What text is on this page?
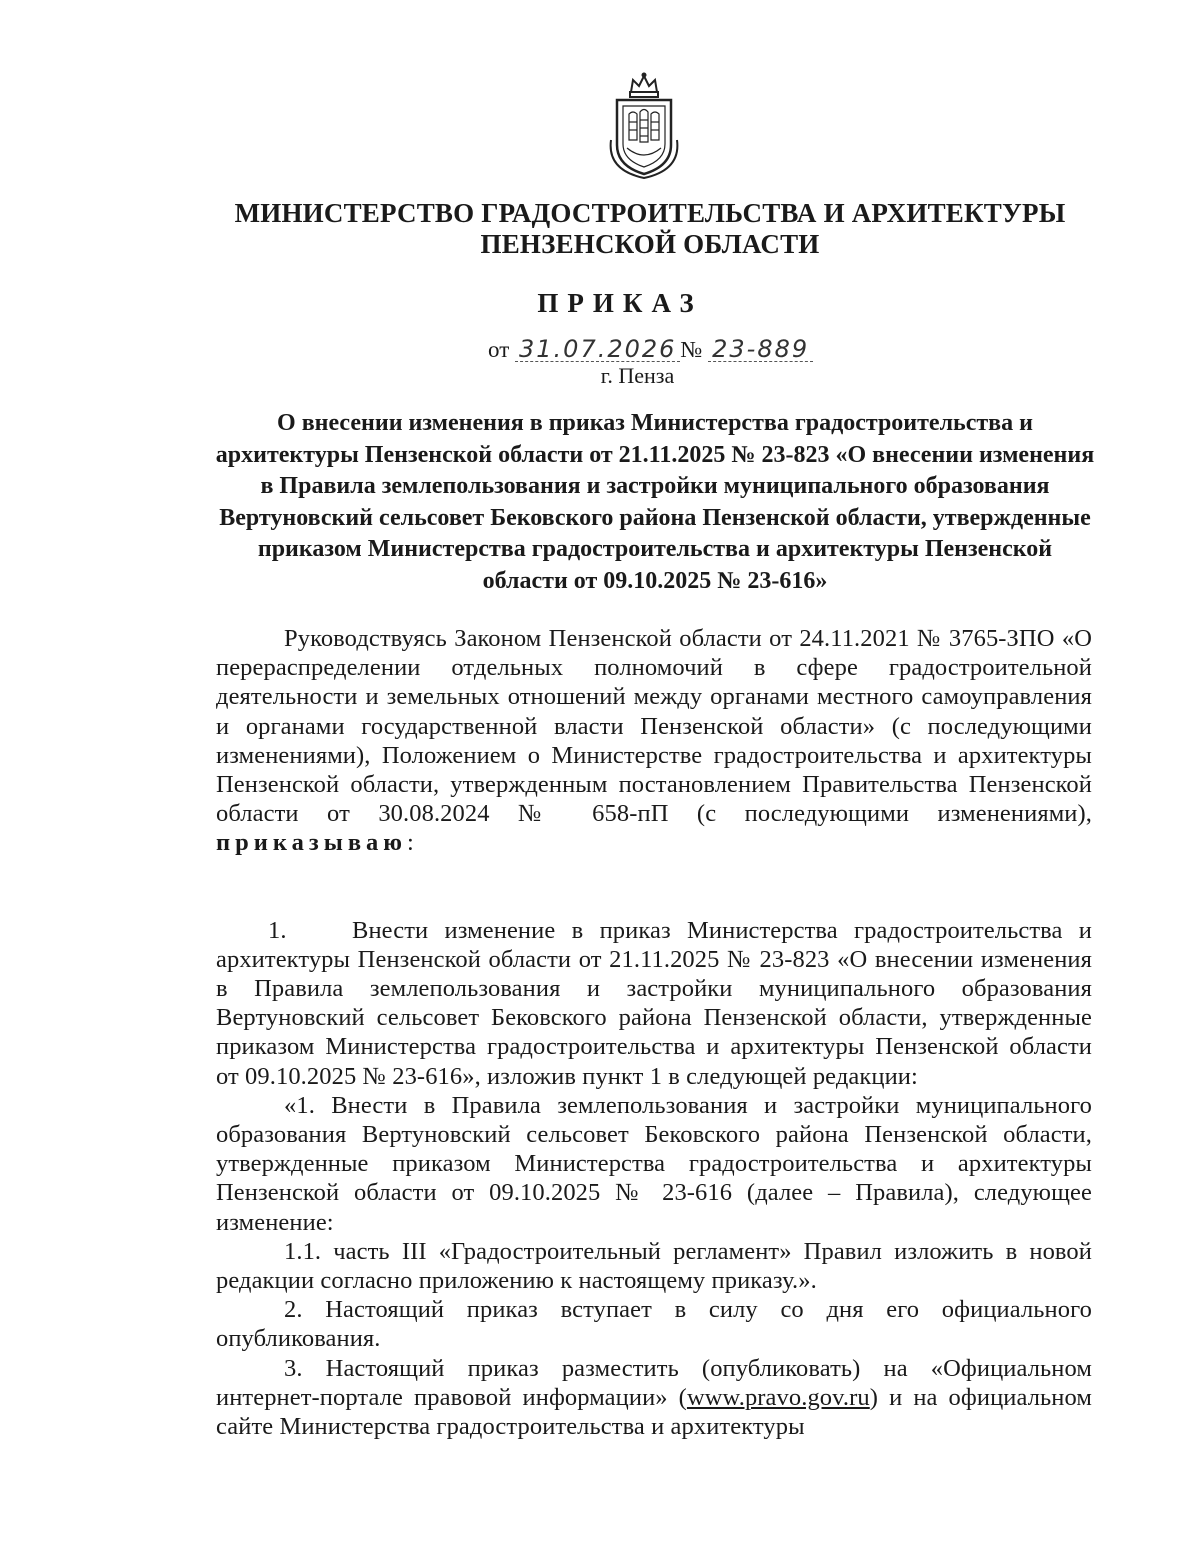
МИНИСТЕРСТВО ГРАДОСТРОИТЕЛЬСТВА И АРХИТЕКТУРЫ
ПЕНЗЕНСКОЙ ОБЛАСТИ
ПРИКАЗ
от 31.07.2026 № 23-889
г. Пенза
О внесении изменения в приказ Министерства градостроительства и архитектуры Пензенской области от 21.11.2025 № 23-823 «О внесении изменения в Правила землепользования и застройки муниципального образования Вертуновский сельсовет Бековского района Пензенской области, утвержденные приказом Министерства градостроительства и архитектуры Пензенской области от 09.10.2025 № 23-616»

Руководствуясь Законом Пензенской области от 24.11.2021 № 3765-ЗПО «О перераспределении отдельных полномочий в сфере градостроительной деятельности и земельных отношений между органами местного самоуправления и органами государственной власти Пензенской области» (с последующими изменениями), Положением о Министерстве градостроительства и архитектуры Пензенской области, утвержденным постановлением Правительства Пензенской области от 30.08.2024 № 658-пП (с последующими изменениями), приказываю:

1.	Внести изменение в приказ Министерства градостроительства и архитектуры Пензенской области от 21.11.2025 № 23-823 «О внесении изменения в Правила землепользования и застройки муниципального образования Вертуновский сельсовет Бековского района Пензенской области, утвержденные приказом Министерства градостроительства и архитектуры Пензенской области от 09.10.2025 № 23-616», изложив пункт 1 в следующей редакции:

«1. Внести в Правила землепользования и застройки муниципального образования Вертуновский сельсовет Бековского района Пензенской области, утвержденные приказом Министерства градостроительства и архитектуры Пензенской области от 09.10.2025 № 23-616 (далее – Правила), следующее изменение:

1.1. часть III «Градостроительный регламент» Правил изложить в новой редакции согласно приложению к настоящему приказу.».

2. Настоящий приказ вступает в силу со дня его официального опубликования.

3. Настоящий приказ разместить (опубликовать) на «Официальном интернет-портале правовой информации» (www.pravo.gov.ru) и на официальном сайте Министерства градостроительства и архитектуры
